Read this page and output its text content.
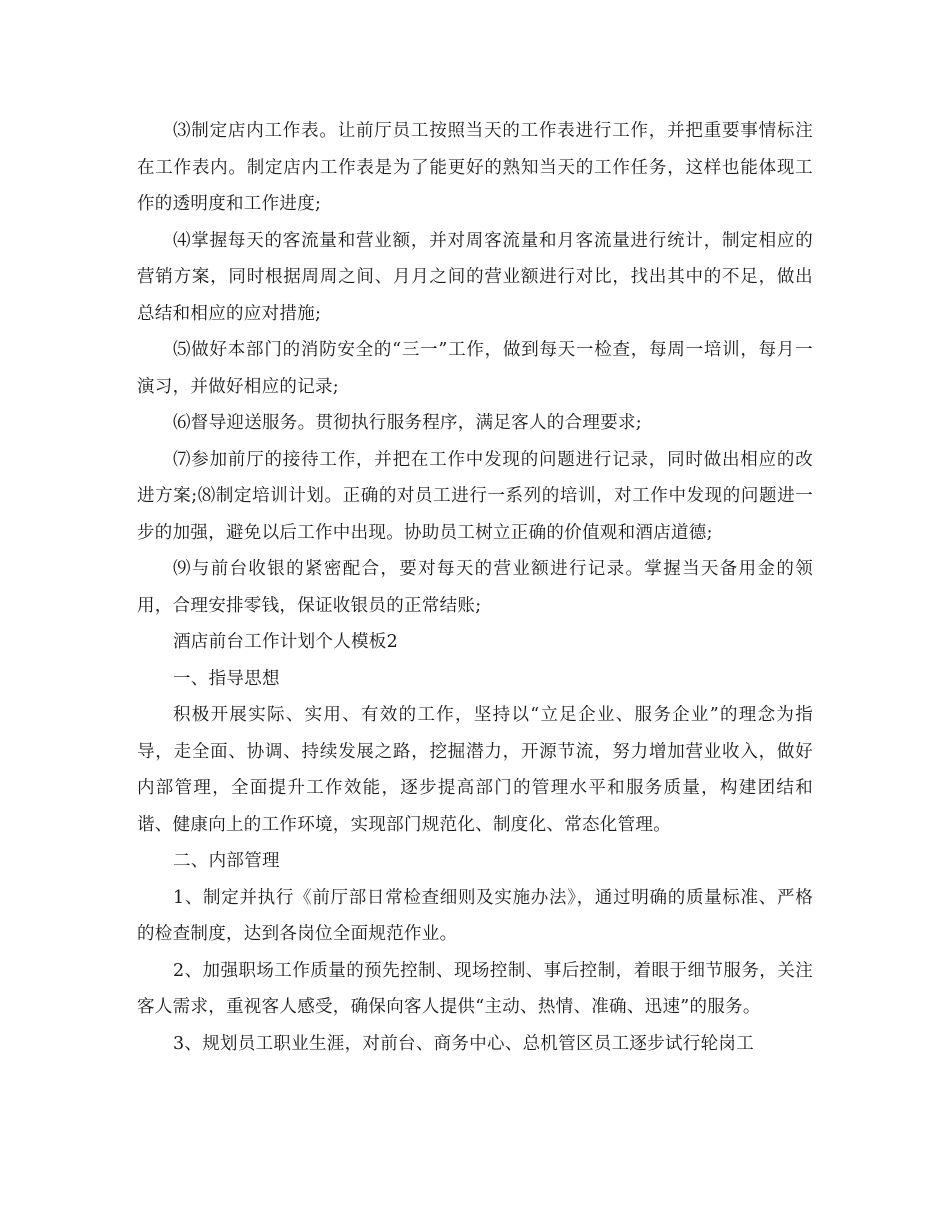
⑶制定店内工作表。让前厅员工按照当天的工作表进行工作，并把重要事情标注在工作表内。制定店内工作表是为了能更好的熟知当天的工作任务，这样也能体现工作的透明度和工作进度;

⑷掌握每天的客流量和营业额，并对周客流量和月客流量进行统计，制定相应的营销方案，同时根据周周之间、月月之间的营业额进行对比，找出其中的不足，做出总结和相应的应对措施;

⑸做好本部门的消防安全的“三一”工作，做到每天一检查，每周一培训，每月一演习，并做好相应的记录;

⑹督导迎送服务。贯彻执行服务程序，满足客人的合理要求;

⑺参加前厅的接待工作，并把在工作中发现的问题进行记录，同时做出相应的改进方案;⑻制定培训计划。正确的对员工进行一系列的培训，对工作中发现的问题进一步的加强，避免以后工作中出现。协助员工树立正确的价值观和酒店道德;

⑼与前台收银的紧密配合，要对每天的营业额进行记录。掌握当天备用金的领用，合理安排零钱，保证收银员的正常结账;

酒店前台工作计划个人模板2

一、指导思想

积极开展实际、实用、有效的工作，坚持以“立足企业、服务企业”的理念为指导，走全面、协调、持续发展之路，挖掘潜力，开源节流，努力增加营业收入，做好内部管理，全面提升工作效能，逐步提高部门的管理水平和服务质量，构建团结和谐、健康向上的工作环境，实现部门规范化、制度化、常态化管理。

二、内部管理

1、制定并执行《前厅部日常检查细则及实施办法》，通过明确的质量标准、严格的检查制度，达到各岗位全面规范作业。

2、加强职场工作质量的预先控制、现场控制、事后控制，着眼于细节服务，关注客人需求，重视客人感受，确保向客人提供“主动、热情、准确、迅速”的服务。

3、规划员工职业生涯，对前台、商务中心、总机管区员工逐步试行轮岗工
